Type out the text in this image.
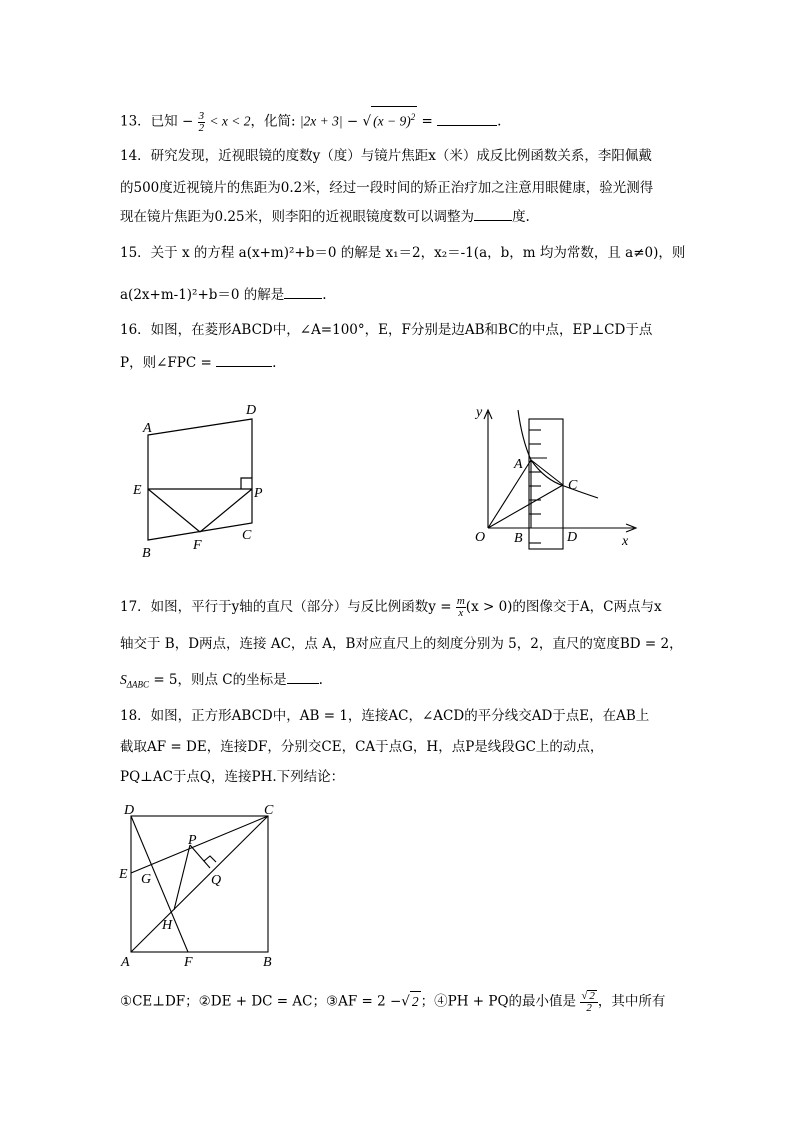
13．已知 − $\frac{3}{2} < x < 2$，化简: |2x + 3| − √ $(x - 9)^2$ =	.
14．研究发现，近视眼镜的度数y（度）与镜片焦距x（米）成反比例函数关系，李阳佩戴
的500度近视镜片的焦距为0.2米，经过一段时间的矫正治疗加之注意用眼健康，验光测得
现在镜片焦距为0.25米，则李阳的近视眼镜度数可以调整为	度.
15．关于 x 的方程 a(x+m)²+b＝0 的解是 x₁＝2，x₂＝-1(a，b，m 均为常数，且 a≠0)，则
a(2x+m-1)²+b＝0 的解是	.
16．如图，在菱形ABCD中，∠A=100°，E，F分别是边AB和BC的中点，EP⊥CD于点
P，则∠FPC =	.
A
D
E	P
B
F
C
y
A
C
O B	D	x
17．如图，平行于y轴的直尺（部分）与反比例函数$y = \frac{m}{x} (x > 0)$的图像交于A，C两点与x
轴交于 B，D两点，连接 AC，点 A，B对应直尺上的刻度分别为 5，2，直尺的宽度BD = 2，
$S_{\Delta ABC} = 5$，则点 C的坐标是 .
18．如图，正方形ABCD中，AB = 1，连接AC，∠ACD的平分线交AD于点E，在AB上
截取AF = DE，连接DF，分别交CE，CA于点G，H，点P是线段GC上的动点，
PQ⊥AC于点Q，连接PH.下列结论：
D	C
P
E G	Q
H
A	F	B
①CE⊥DF；②DE + DC = AC；③AF = 2 −√ 2 ；④PH + PQ的最小值是 $\frac{√ 2}{2}$ ，其中所有
